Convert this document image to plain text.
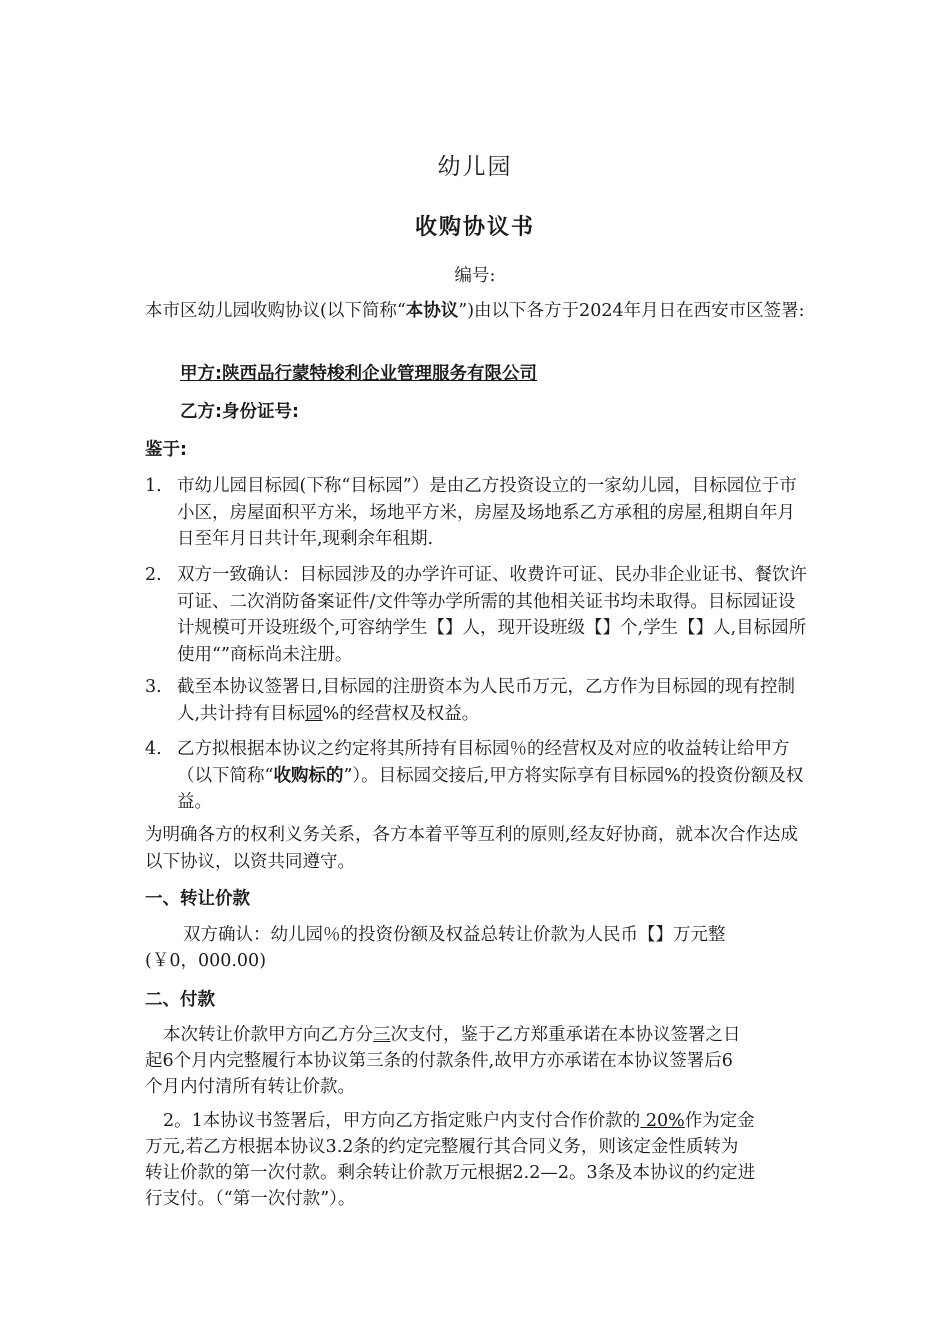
幼儿园

收购协议书

编号:

本市区幼儿园收购协议(以下简称“本协议”)由以下各方于2024年月日在西安市区签署:

甲方:陕西品行蒙特梭利企业管理服务有限公司

乙方:身份证号:

鉴于:

1. 市幼儿园目标园(下称“目标园”）是由乙方投资设立的一家幼儿园，目标园位于市小区，房屋面积平方米，场地平方米，房屋及场地系乙方承租的房屋,租期自年月日至年月日共计年,现剩余年租期.
2. 双方一致确认：目标园涉及的办学许可证、收费许可证、民办非企业证书、餐饮许可证、二次消防备案证件/文件等办学所需的其他相关证书均未取得。目标园证设计规模可开设班级个,可容纳学生【】人，现开设班级【】个,学生【】人,目标园所使用“”商标尚未注册。
3. 截至本协议签署日,目标园的注册资本为人民币万元，乙方作为目标园的现有控制人,共计持有目标园%的经营权及权益。
4. 乙方拟根据本协议之约定将其所持有目标园％的经营权及对应的收益转让给甲方（以下简称“收购标的”）。目标园交接后,甲方将实际享有目标园%的投资份额及权益。

为明确各方的权利义务关系，各方本着平等互利的原则,经友好协商，就本次合作达成以下协议，以资共同遵守。

一、转让价款

双方确认：幼儿园％的投资份额及权益总转让价款为人民币【】万元整

(￥0，000.00)

二、付款

本次转让价款甲方向乙方分三次支付，鉴于乙方郑重承诺在本协议签署之日

起6个月内完整履行本协议第三条的付款条件,故甲方亦承诺在本协议签署后6

个月内付清所有转让价款。

2。1本协议书签署后，甲方向乙方指定账户内支付合作价款的 20%作为定金

万元,若乙方根据本协议3.2条的约定完整履行其合同义务，则该定金性质转为

转让价款的第一次付款。剩余转让价款万元根据2.2—2。3条及本协议的约定进

行支付。（“第一次付款”）。
